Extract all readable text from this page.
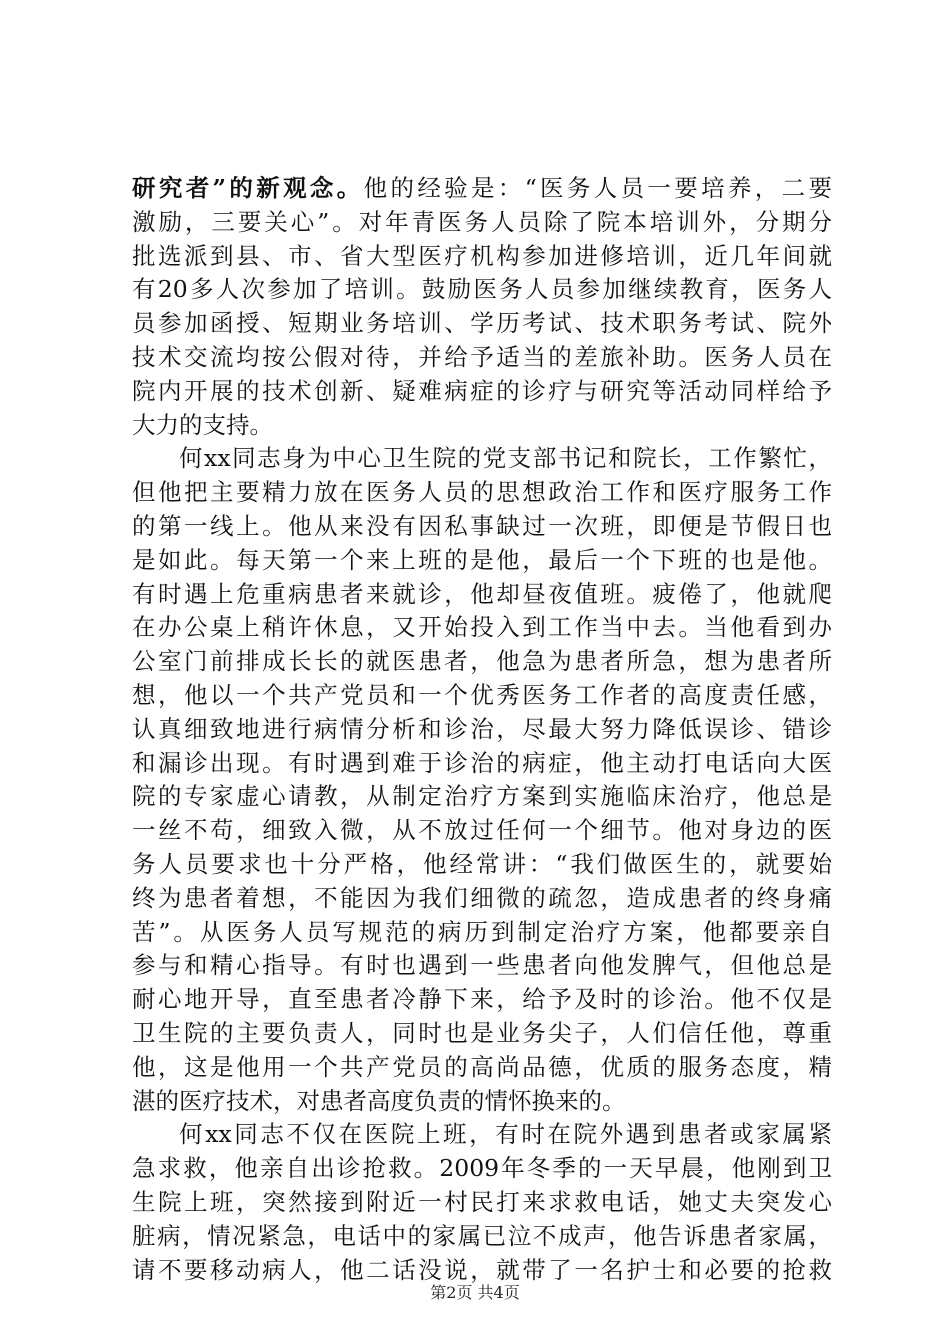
研究者”的新观念。他的经验是：“医务人员一要培养，二要
激励，三要关心”。对年青医务人员除了院本培训外，分期分
批选派到县、市、省大型医疗机构参加进修培训，近几年间就
有20多人次参加了培训。鼓励医务人员参加继续教育，医务人
员参加函授、短期业务培训、学历考试、技术职务考试、院外
技术交流均按公假对待，并给予适当的差旅补助。医务人员在
院内开展的技术创新、疑难病症的诊疗与研究等活动同样给予
大力的支持。
何xx同志身为中心卫生院的党支部书记和院长，工作繁忙，
但他把主要精力放在医务人员的思想政治工作和医疗服务工作
的第一线上。他从来没有因私事缺过一次班，即便是节假日也
是如此。每天第一个来上班的是他，最后一个下班的也是他。
有时遇上危重病患者来就诊，他却昼夜值班。疲倦了，他就爬
在办公桌上稍许休息，又开始投入到工作当中去。当他看到办
公室门前排成长长的就医患者，他急为患者所急，想为患者所
想，他以一个共产党员和一个优秀医务工作者的高度责任感，
认真细致地进行病情分析和诊治，尽最大努力降低误诊、错诊
和漏诊出现。有时遇到难于诊治的病症，他主动打电话向大医
院的专家虚心请教，从制定治疗方案到实施临床治疗，他总是
一丝不苟，细致入微，从不放过任何一个细节。他对身边的医
务人员要求也十分严格，他经常讲：“我们做医生的，就要始
终为患者着想，不能因为我们细微的疏忽，造成患者的终身痛
苦”。从医务人员写规范的病历到制定治疗方案，他都要亲自
参与和精心指导。有时也遇到一些患者向他发脾气，但他总是
耐心地开导，直至患者冷静下来，给予及时的诊治。他不仅是
卫生院的主要负责人，同时也是业务尖子，人们信任他，尊重
他，这是他用一个共产党员的高尚品德，优质的服务态度，精
湛的医疗技术，对患者高度负责的情怀换来的。
何xx同志不仅在医院上班，有时在院外遇到患者或家属紧
急求救，他亲自出诊抢救。2009年冬季的一天早晨，他刚到卫
生院上班，突然接到附近一村民打来求救电话，她丈夫突发心
脏病，情况紧急，电话中的家属已泣不成声，他告诉患者家属，
请不要移动病人，他二话没说，就带了一名护士和必要的抢救
第2页 共4页
